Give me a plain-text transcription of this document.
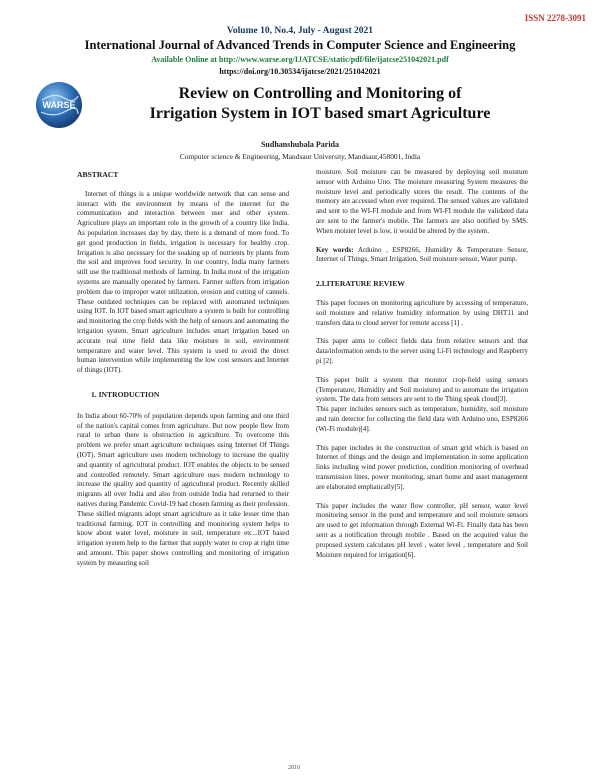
ISSN 2278-3091
Volume 10, No.4, July - August 2021
International Journal of Advanced Trends in Computer Science and Engineering
Available Online at http://www.warse.org/IJATCSE/static/pdf/file/ijatcse251042021.pdf
https://doi.org/10.30534/ijatcse/2021/251042021
WARSE
Review on Controlling and Monitoring of
Irrigation System in IOT based smart Agriculture
Sudhanshubala Parida
Computer science & Engineering, Mandsaur University, Mandsaur,458001, India

ABSTRACT

Internet of things is a unique worldwide network that can sense and interact with the environment by means of the internet for the communication and interaction between user and other system. Agriculture plays an important role in the growth of a country like India. As population increases day by day, there is a demand of more food. To get good production in fields, irrigation is necessary for healthy crop. Irrigation is also necessary for the soaking up of nutrients by plants from the soil and improves food security. In our country, India many farmers still use the traditional methods of farming. In India most of the irrigation systems are manually operated by farmers. Farmer suffers from irrigation problem due to improper water utilization, erosion and cutting of cannels. These outdated techniques can be replaced with automated techniques using IOT. In IOT based smart agriculture a system is built for controlling and monitoring the crop fields with the help of sensors and automating the irrigation system. Smart agriculture includes smart irrigation based on accurate real time field data like moisture in soil, environment temperature and water level. This system is used to avoid the direct human intervention while implementing the low cost sensors and Internet of things (IOT).

1. INTRODUCTION

In India about 60-70% of population depends upon farming and one third of the nation's capital comes from agriculture. But now people flew from rural to urban there is obstruction in agriculture. To overcome this problem we prefer smart agriculture techniques using Internet Of Things (IOT). Smart agriculture uses modern technology to increase the quality and quantity of agricultural product. IOT enables the objects to be sensed and controlled remotely. Smart agriculture uses modern technology to increase the quality and quantity of agricultural product. Recently skilled migrants all over India and also from outside India had returned to their natives during Pandemic Covid-19 had chosen farming as their profession. These skilled migrants adopt smart agriculture as it take lesser time than traditional farming. IOT in controlling and monitoring system helps to know about water level, moisture in soil, temperature etc...IOT based irrigation system help to the farmer that supply water to crop at right time and amount. This paper shows controlling and monitoring of irrigation system by measuring soil

moisture. Soil moisture can be measured by deploying soil moisture sensor with Arduino Uno. The moisture measuring System measures the moisture level and periodically stores the result. The contents of the memory are accessed when ever required. The sensed values are validated and sent to the WI-FI module and from WI-FI module the validated data are sent to the farmer's mobile. The farmers are also notified by SMS. When moister level is low, it would be altered by the system.

Key words: Arduino , ESP8266, Humidity & Temperature Sensor, Internet of Things, Smart Irrigation, Soil moisture sensor, Water pump.

2.LITERATURE REVIEW

This paper focuses on monitoring agriculture by accessing of temperature, soil moisture and relative humidity information by using DHT11 and transfers data to cloud server for remote access [1] .

This paper aims to collect fields data from relative sensors and that data/information sends to the server using Li-Fi technology and Raspberry pi [2].

This paper built a system that monitor crop-field using sensors (Temperature, Humidity and Soil moisture) and to automate the irrigation system. The data from sensors are sent to the Thing speak cloud[3].
This paper includes sensors such as temperature, humidity, soil moisture and rain detector for collecting the field data with Arduino uno, ESP8266 (Wi-Fi module)[4].

This paper includes in the construction of smart grid which is based on Internet of things and the design and implementation in some application links including wind power prediction, condition monitoring of overhead transmission lines, power monitoring, smart home and asset management are elaborated emphatically[5].

This paper includes the water flow controller, pH sensor, water level monitoring sensor in the pond and temperature and soil moisture sensors are used to get information through External Wi-Fi. Finally data has been sent as a notification through mobile . Based on the acquired value the proposed system calculates pH level , water level , temperature and Soil Moisture required for irrigation[6].

2810
